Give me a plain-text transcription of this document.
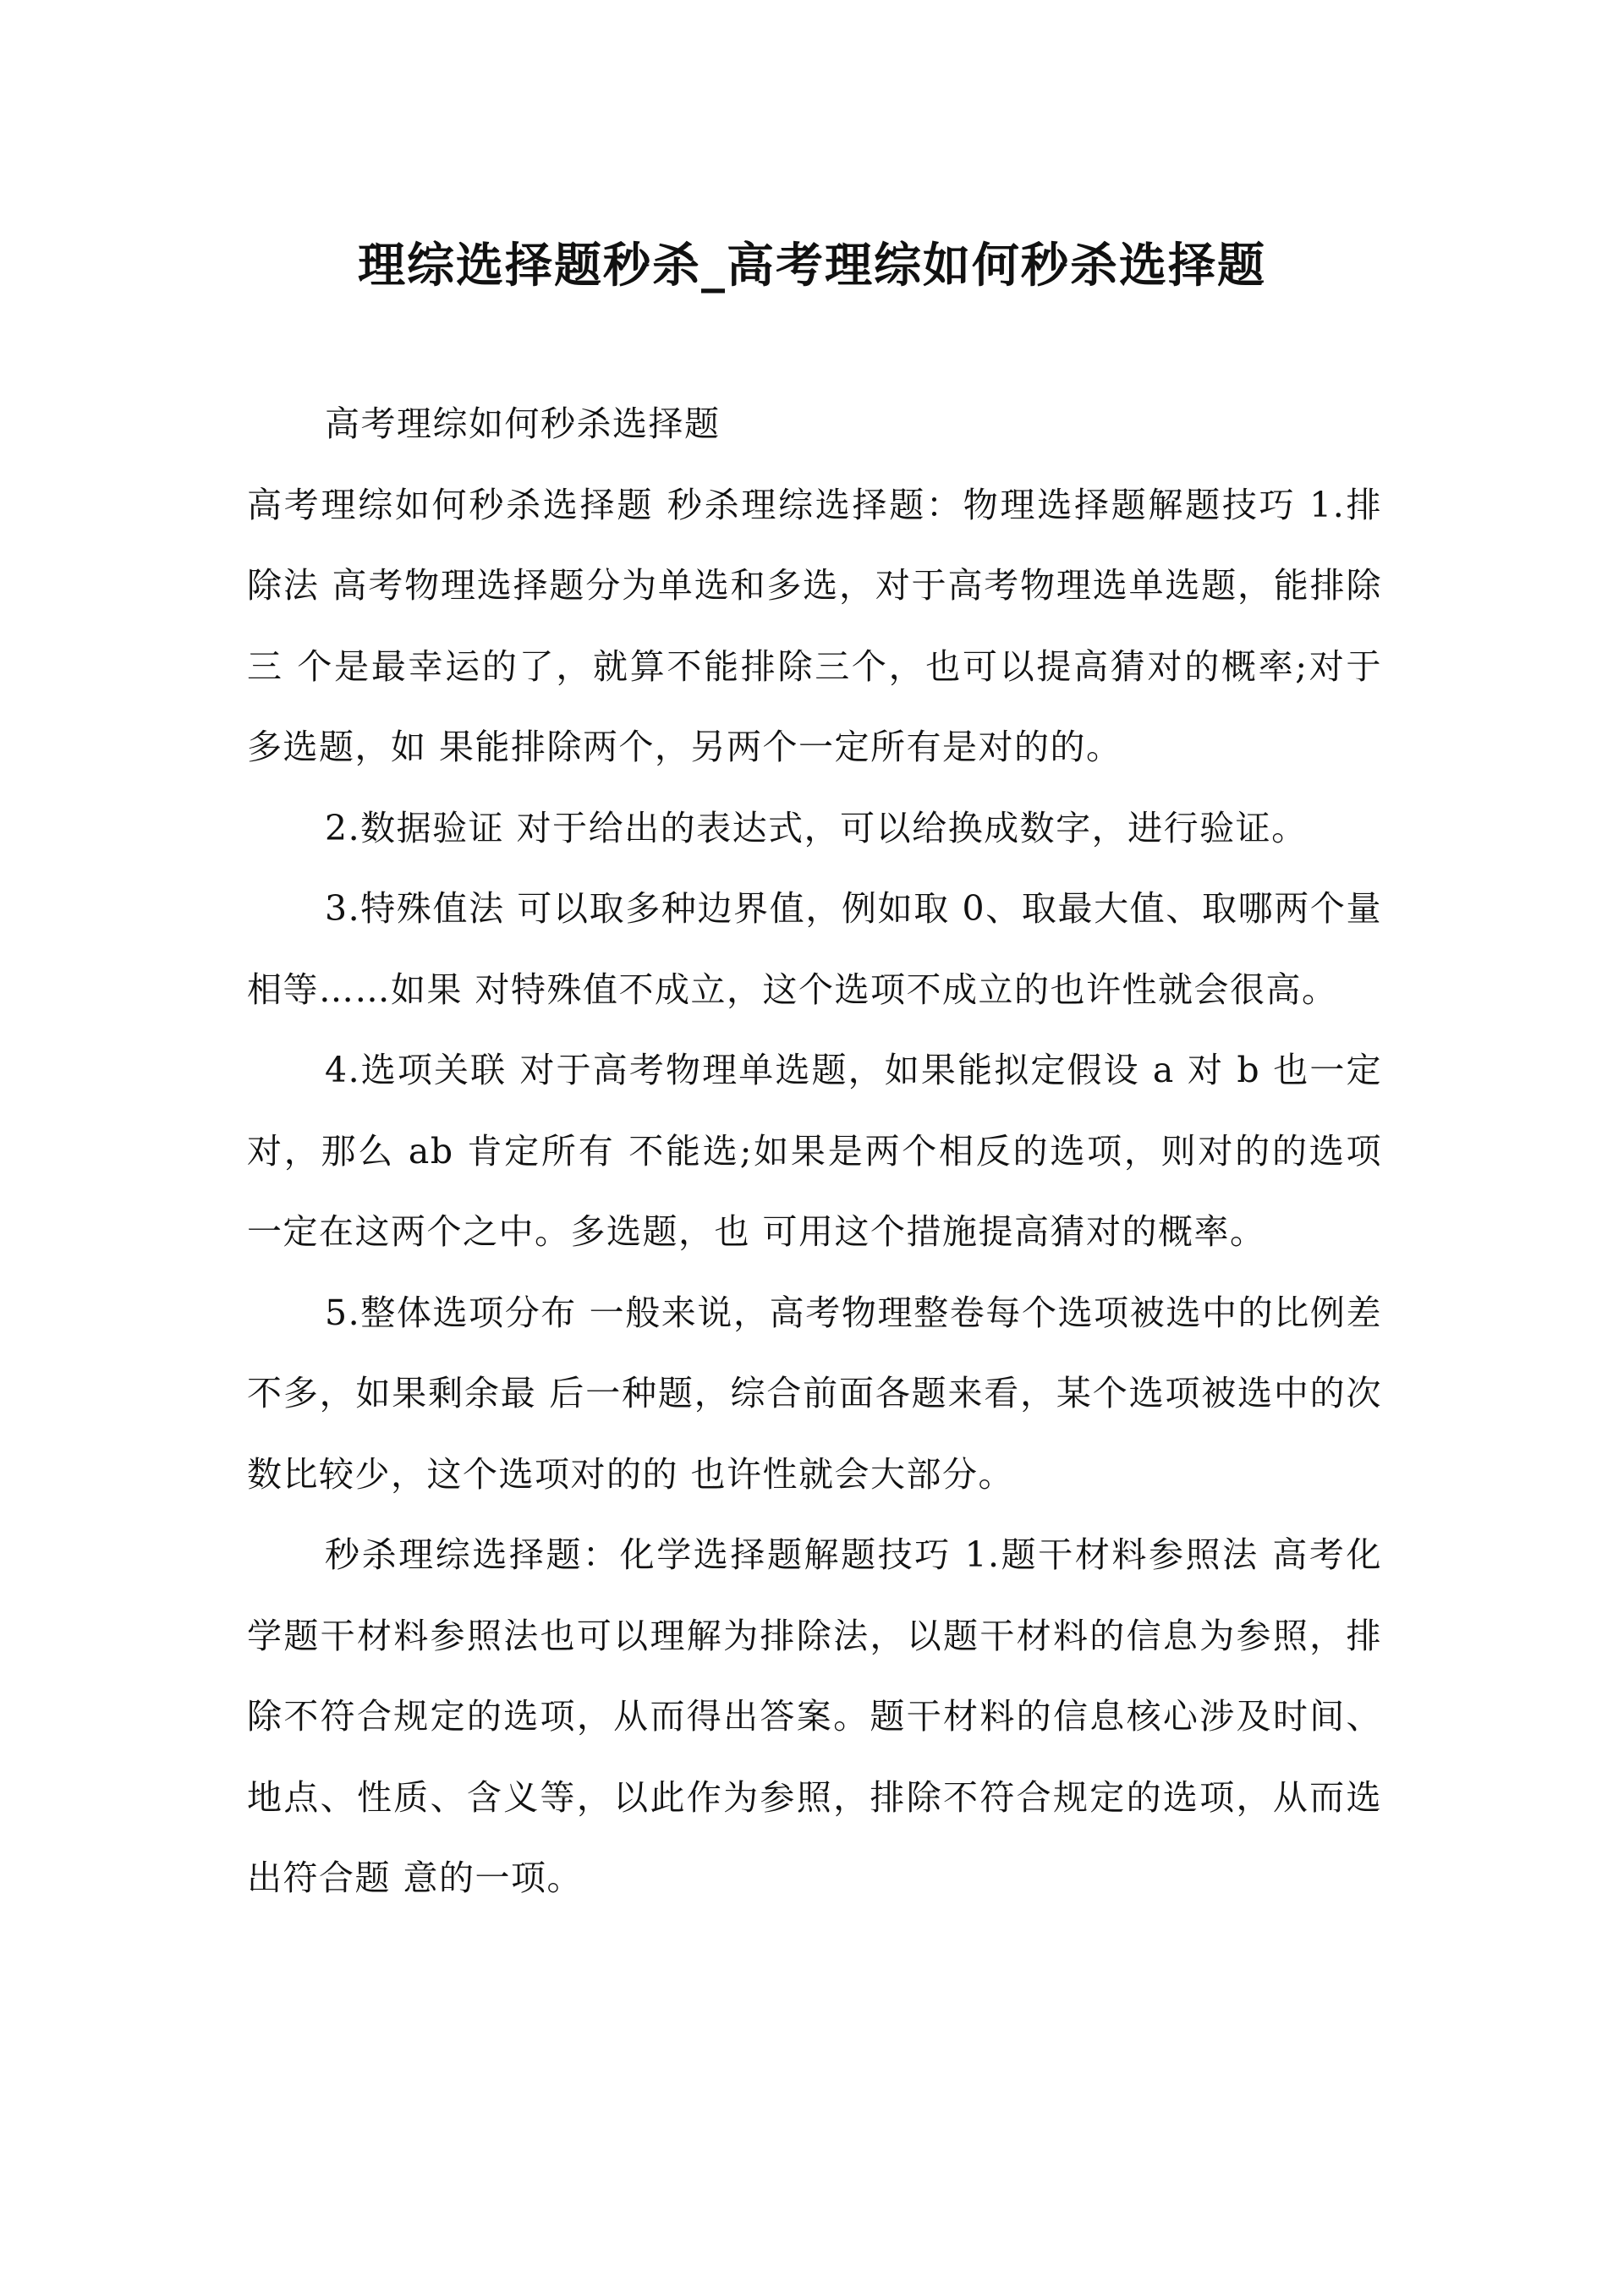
理综选择题秒杀_高考理综如何秒杀选择题

高考理综如何秒杀选择题

高考理综如何秒杀选择题 秒杀理综选择题：物理选择题解题技巧 1.排除法 高考物理选择题分为单选和多选，对于高考物理选单选题，能排除三 个是最幸运的了，就算不能排除三个，也可以提高猜对的概率;对于多选题，如 果能排除两个，另两个一定所有是对的的。

2.数据验证 对于给出的表达式，可以给换成数字，进行验证。

3.特殊值法 可以取多种边界值，例如取 0、取最大值、取哪两个量相等……如果 对特殊值不成立，这个选项不成立的也许性就会很高。

4.选项关联 对于高考物理单选题，如果能拟定假设 a 对 b 也一定对，那么 ab 肯定所有 不能选;如果是两个相反的选项，则对的的选项一定在这两个之中。多选题，也 可用这个措施提高猜对的概率。

5.整体选项分布 一般来说，高考物理整卷每个选项被选中的比例差不多，如果剩余最 后一种题，综合前面各题来看，某个选项被选中的次数比较少，这个选项对的的 也许性就会大部分。

秒杀理综选择题：化学选择题解题技巧 1.题干材料参照法 高考化学题干材料参照法也可以理解为排除法，以题干材料的信息为参照，排除不符合规定的选项，从而得出答案。题干材料的信息核心涉及时间、地点、性质、含义等，以此作为参照，排除不符合规定的选项，从而选出符合题 意的一项。
